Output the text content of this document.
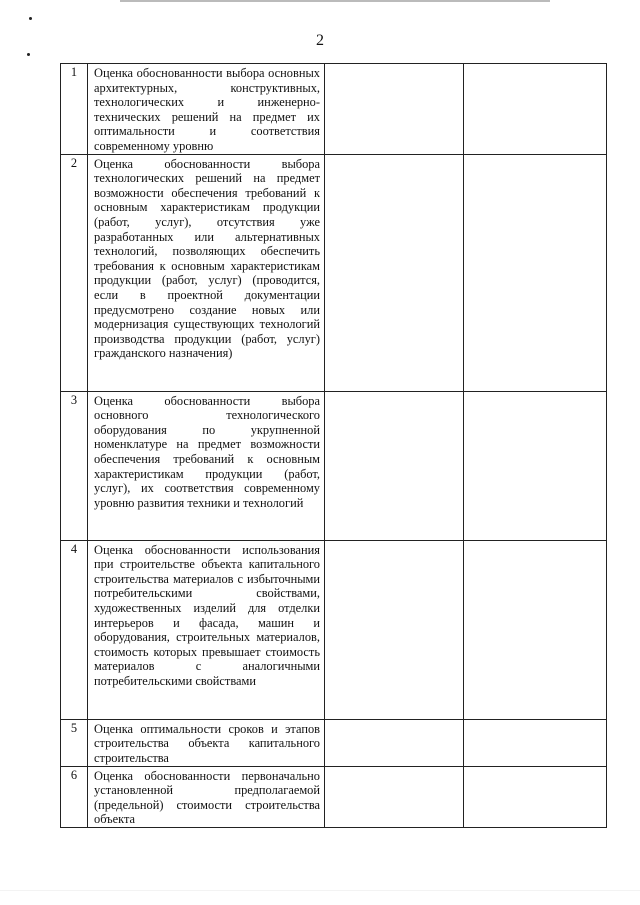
2
1	Оценка обоснованности выбора основных архитектурных, конструктивных, технологических и инженерно-технических решений на предмет их оптимальности и соответствия современному уровню		
2	Оценка обоснованности выбора технологических решений на предмет возможности обеспечения требований к основным характеристикам продукции (работ, услуг), отсутствия уже разработанных или альтернативных технологий, позволяющих обеспечить требования к основным характеристикам продукции (работ, услуг) (проводится, если в проектной документации предусмотрено создание новых или модернизация существующих технологий производства продукции (работ, услуг) гражданского назначения)		
3	Оценка обоснованности выбора основного технологического оборудования по укрупненной номенклатуре на предмет возможности обеспечения требований к основным характеристикам продукции (работ, услуг), их соответствия современному уровню развития техники и технологий		
4	Оценка обоснованности использования при строительстве объекта капитального строительства материалов с избыточными потребительскими свойствами, художественных изделий для отделки интерьеров и фасада, машин и оборудования, строительных материалов, стоимость которых превышает стоимость материалов с аналогичными потребительскими свойствами		
5	Оценка оптимальности сроков и этапов строительства объекта капитального строительства		
6	Оценка обоснованности первоначально установленной предполагаемой (предельной) стоимости строительства объекта		
